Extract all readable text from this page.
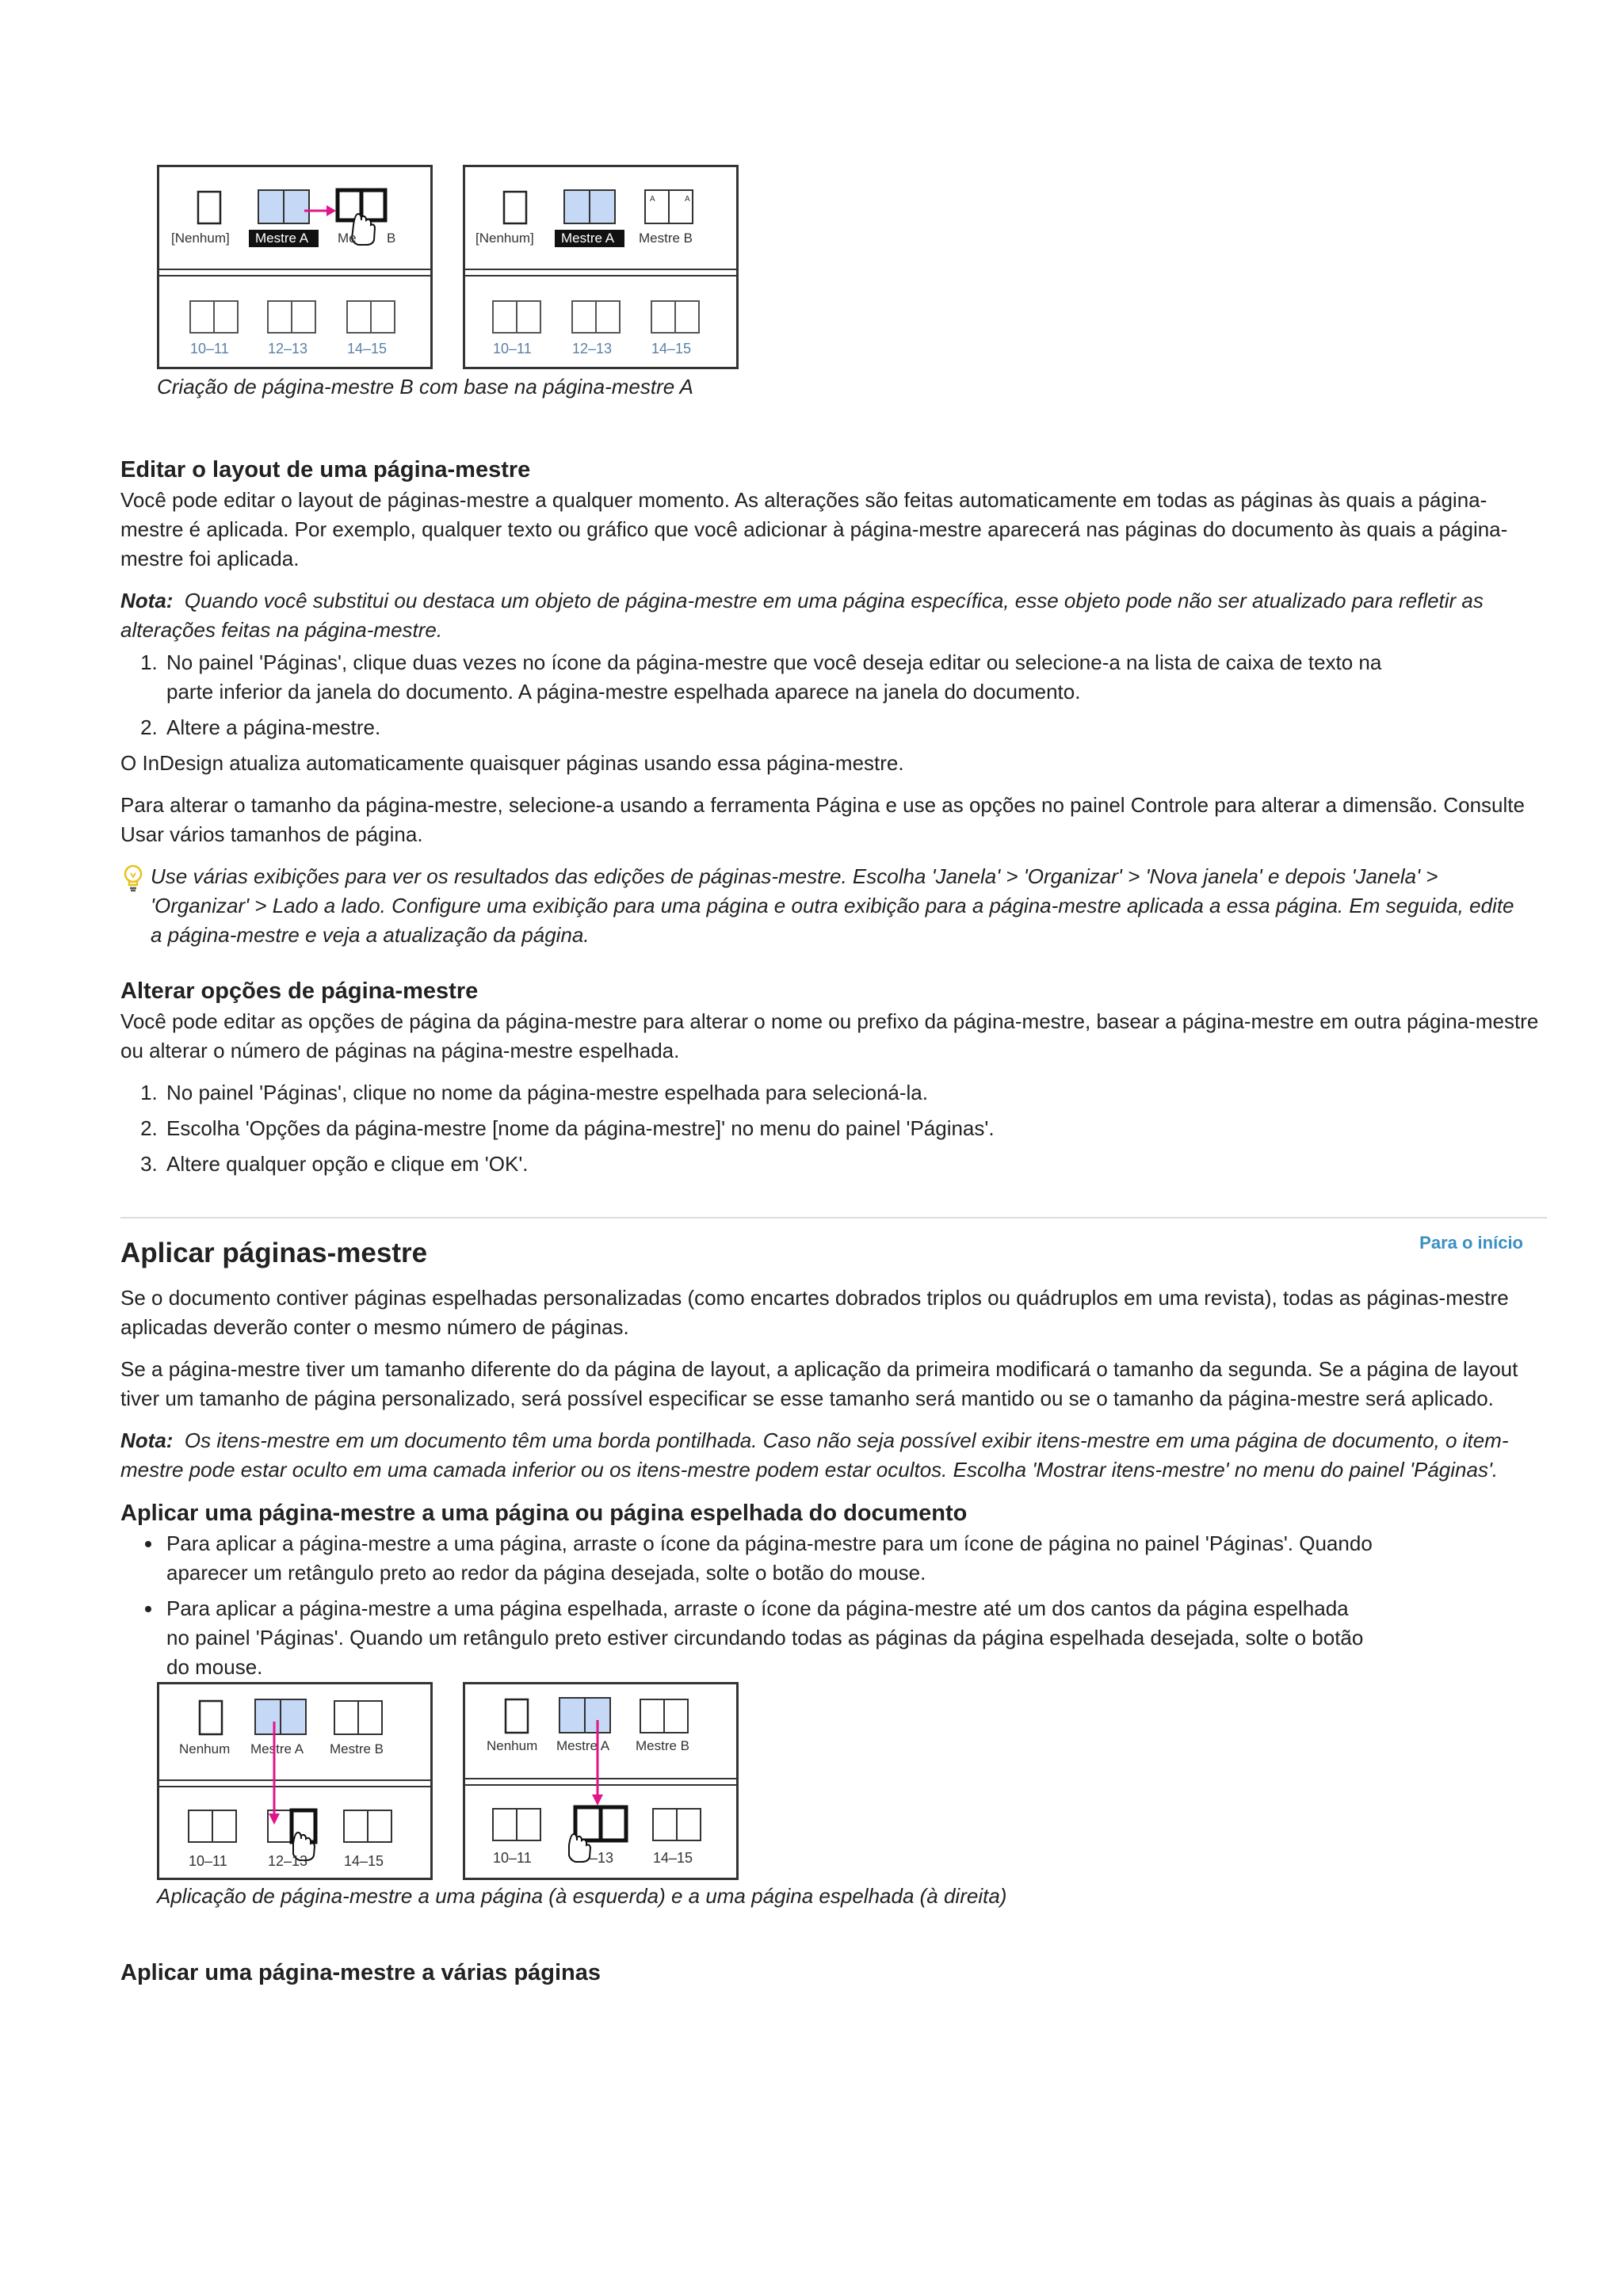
[Nenhum] Mestre A Me B
10–11	12–13	14–15
A	A
[Nenhum] Mestre A Mestre B
10–11	12–13	14–15

Criação de página-mestre B com base na página-mestre A

Editar o layout de uma página-mestre

Você pode editar o layout de páginas-mestre a qualquer momento. As alterações são feitas automaticamente em todas as páginas às quais a página-mestre é aplicada. Por exemplo, qualquer texto ou gráfico que você adicionar à página-mestre aparecerá nas páginas do documento às quais a página-mestre foi aplicada.

Nota: Quando você substitui ou destaca um objeto de página-mestre em uma página específica, esse objeto pode não ser atualizado para refletir as alterações feitas na página-mestre.

1. No painel 'Páginas', clique duas vezes no ícone da página-mestre que você deseja editar ou selecione-a na lista de caixa de texto na parte inferior da janela do documento. A página-mestre espelhada aparece na janela do documento.
2. Altere a página-mestre.

O InDesign atualiza automaticamente quaisquer páginas usando essa página-mestre.

Para alterar o tamanho da página-mestre, selecione-a usando a ferramenta Página e use as opções no painel Controle para alterar a dimensão. Consulte Usar vários tamanhos de página.

Use várias exibições para ver os resultados das edições de páginas-mestre. Escolha 'Janela' > 'Organizar' > 'Nova janela' e depois 'Janela' > 'Organizar' > Lado a lado. Configure uma exibição para uma página e outra exibição para a página-mestre aplicada a essa página. Em seguida, edite a página-mestre e veja a atualização da página.

Alterar opções de página-mestre

Você pode editar as opções de página da página-mestre para alterar o nome ou prefixo da página-mestre, basear a página-mestre em outra página-mestre ou alterar o número de páginas na página-mestre espelhada.

1. No painel 'Páginas', clique no nome da página-mestre espelhada para selecioná-la.
2. Escolha 'Opções da página-mestre [nome da página-mestre]' no menu do painel 'Páginas'.
3. Altere qualquer opção e clique em 'OK'.
Para o início
Aplicar páginas-mestre

Se o documento contiver páginas espelhadas personalizadas (como encartes dobrados triplos ou quádruplos em uma revista), todas as páginas-mestre aplicadas deverão conter o mesmo número de páginas.

Se a página-mestre tiver um tamanho diferente do da página de layout, a aplicação da primeira modificará o tamanho da segunda. Se a página de layout tiver um tamanho de página personalizado, será possível especificar se esse tamanho será mantido ou se o tamanho da página-mestre será aplicado.

Nota: Os itens-mestre em um documento têm uma borda pontilhada. Caso não seja possível exibir itens-mestre em uma página de documento, o item-mestre pode estar oculto em uma camada inferior ou os itens-mestre podem estar ocultos. Escolha 'Mostrar itens-mestre' no menu do painel 'Páginas'.

Aplicar uma página-mestre a uma página ou página espelhada do documento
• Para aplicar a página-mestre a uma página, arraste o ícone da página-mestre para um ícone de página no painel 'Páginas'. Quando aparecer um retângulo preto ao redor da página desejada, solte o botão do mouse.
• Para aplicar a página-mestre a uma página espelhada, arraste o ícone da página-mestre até um dos cantos da página espelhada no painel 'Páginas'. Quando um retângulo preto estiver circundando todas as páginas da página espelhada desejada, solte o botão do mouse.
Nenhum Mestre A Mestre B
10–11	12–13	14–15
Nenhum Mestre A Mestre B
10–11	–13	14–15

Aplicação de página-mestre a uma página (à esquerda) e a uma página espelhada (à direita)

Aplicar uma página-mestre a várias páginas
